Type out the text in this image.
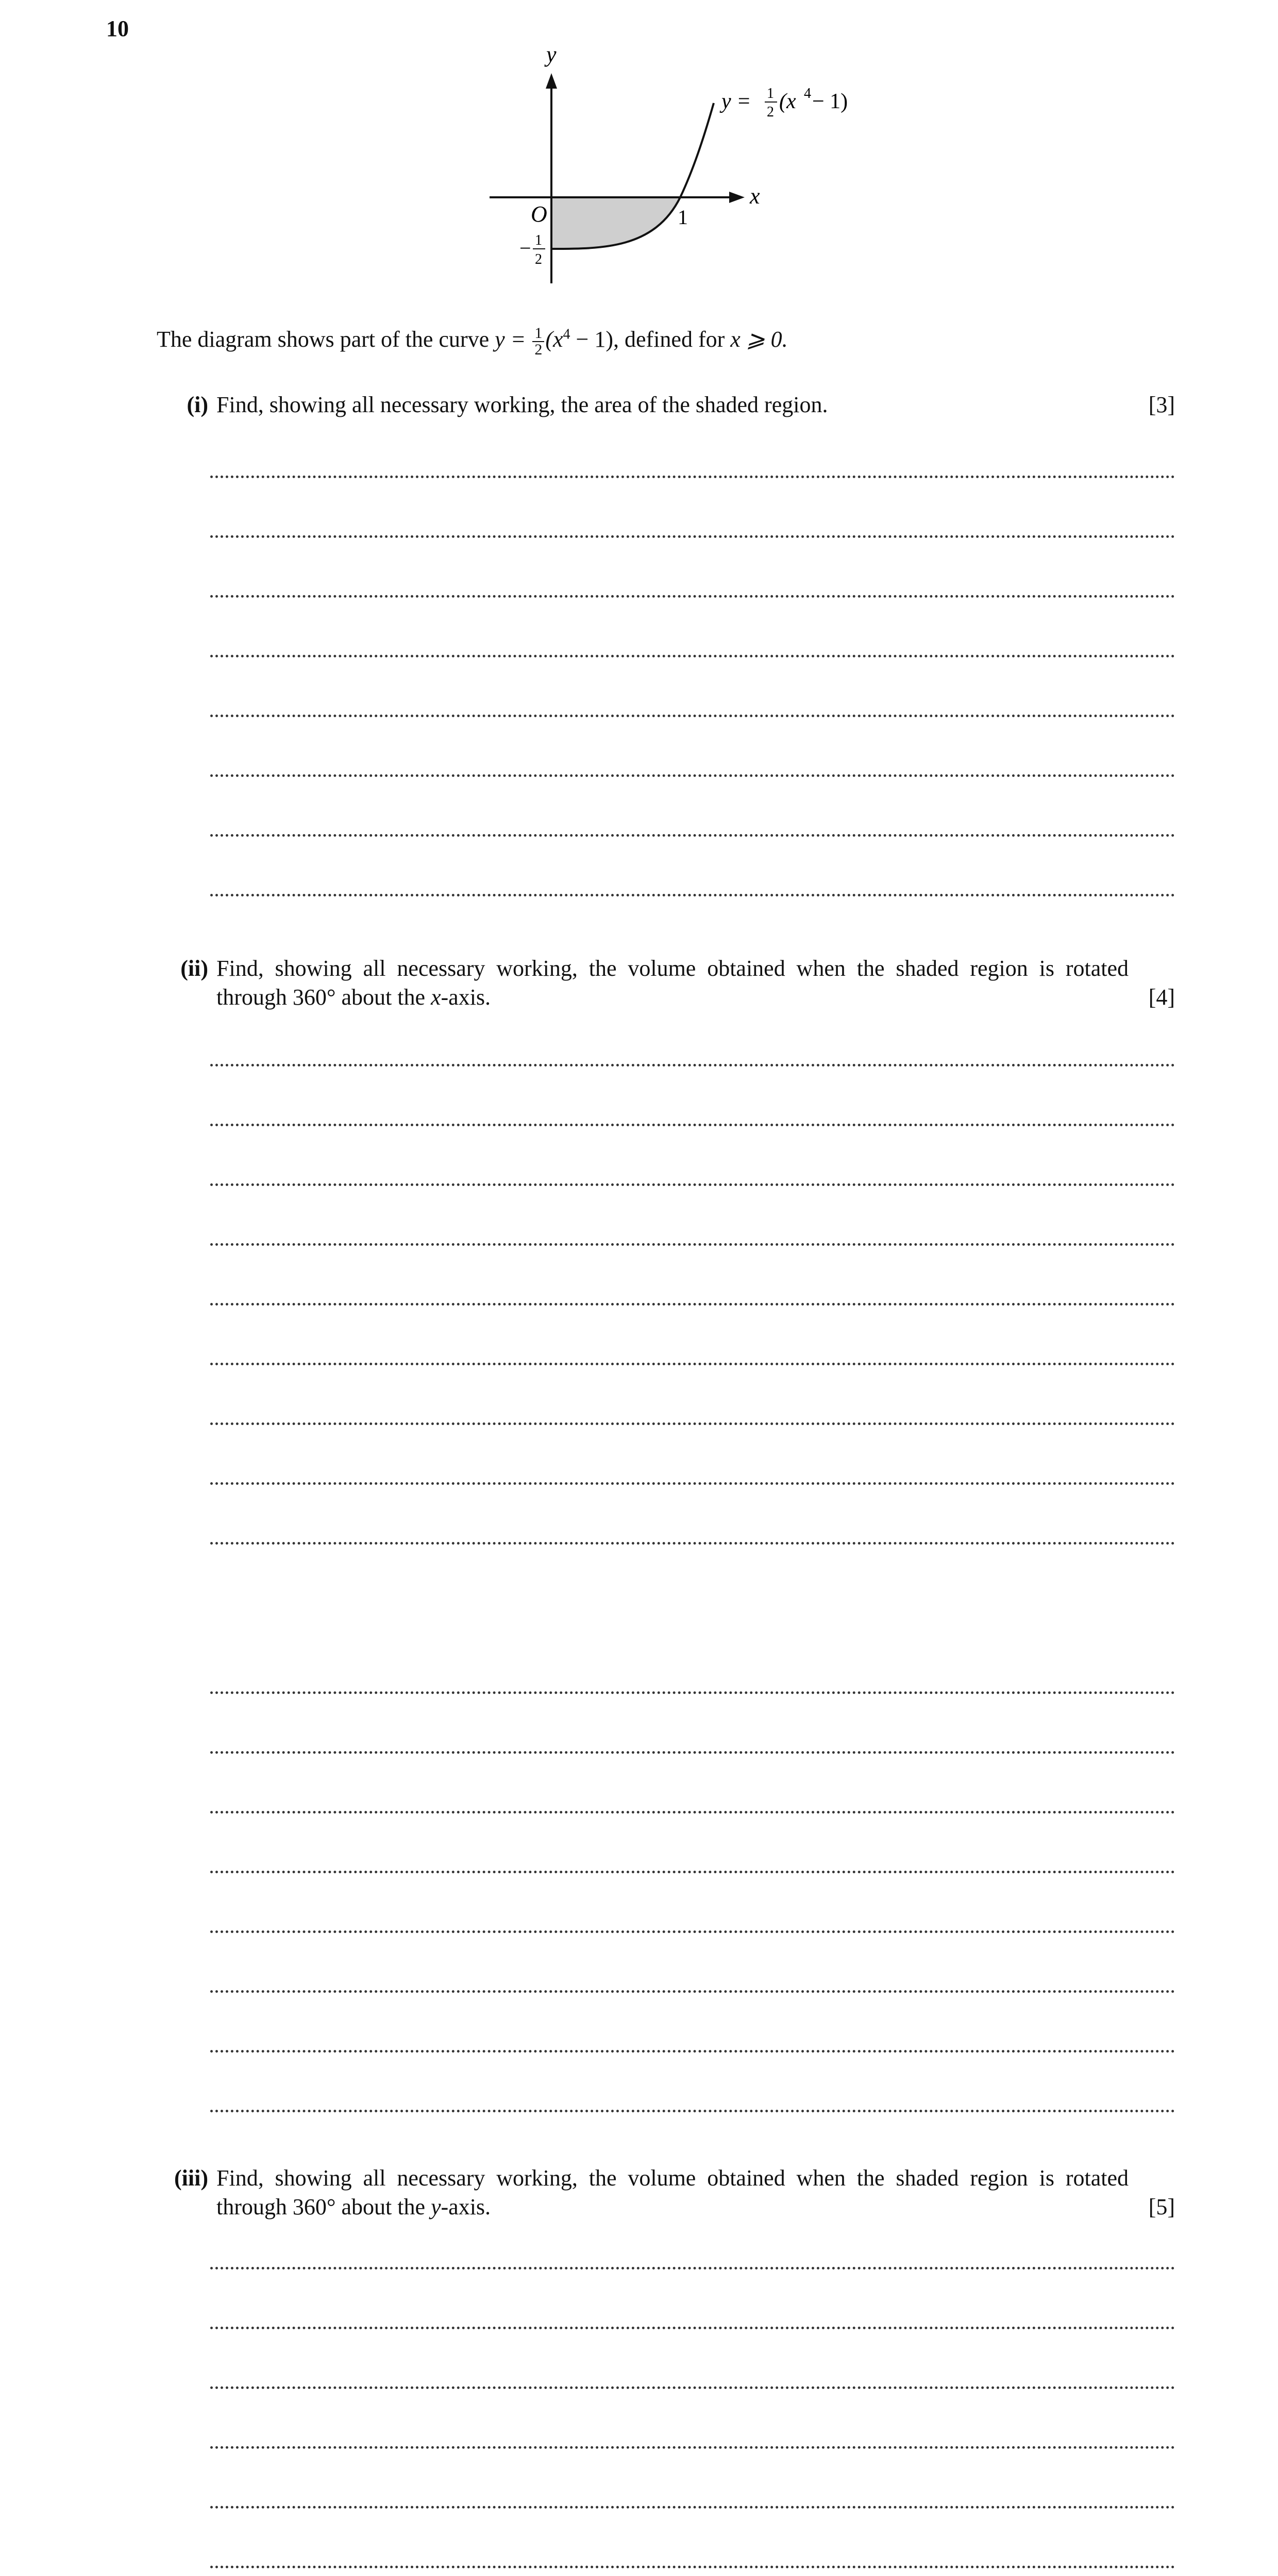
10
y
x
O	1
− 1
2
y = 1
2 (x 4 − 1)
The diagram shows part of the curve $y = \frac{1}{2} (x^4 - 1)$, defined for x ⩾ 0.
(i) Find, showing all necessary working, the area of the shaded region.	[3]
(ii) Find, showing all necessary working, the volume obtained when the shaded region is rotated through 360° about the x-axis.	[4]
(iii) Find, showing all necessary working, the volume obtained when the shaded region is rotated through 360° about the y-axis.	[5]
